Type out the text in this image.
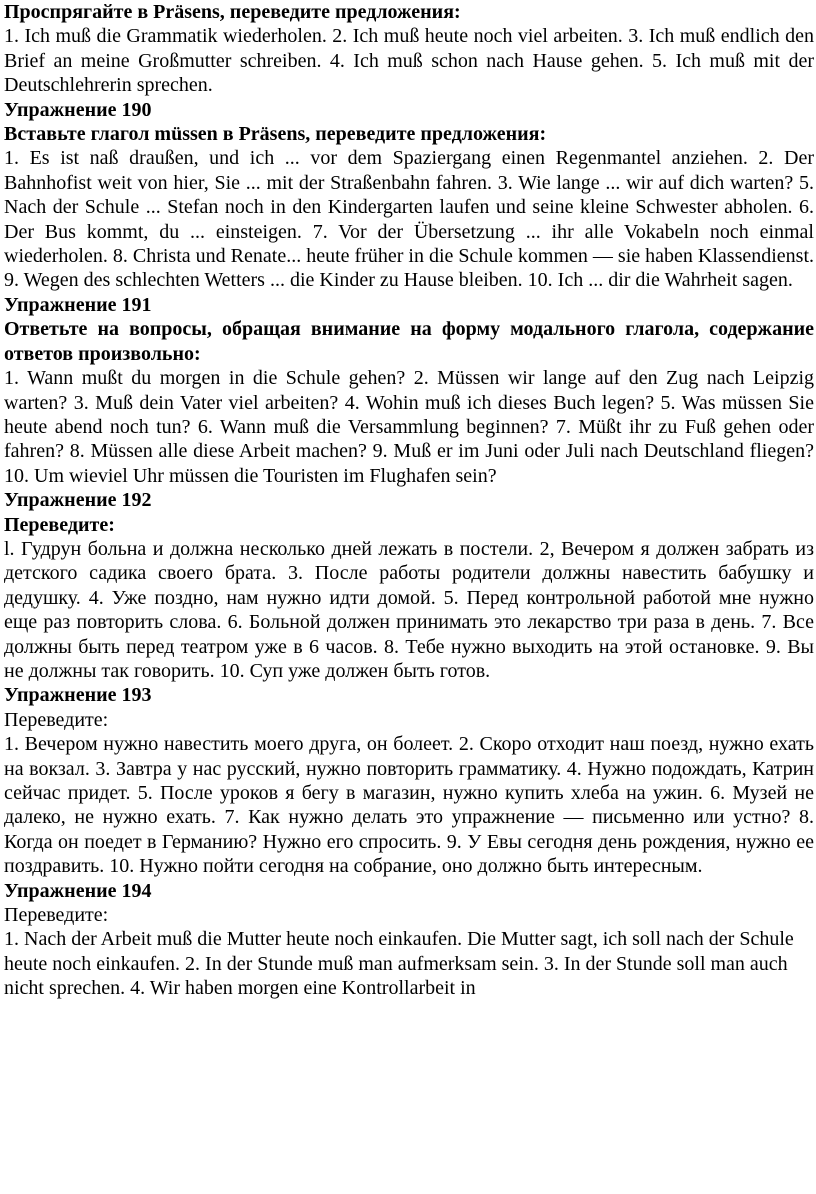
Проспрягайте в Präsens, переведите предложения:

1. Ich muß die Grammatik wiederholen. 2. Ich muß heute noch viel arbeiten. 3. Ich muß endlich den Brief an meine Großmutter schreiben. 4. Ich muß schon nach Hause gehen. 5. Ich muß mit der Deutschlehrerin sprechen.

Упражнение 190

Вставьте глагол müssen в Präsens, переведите предложения:

1. Es ist naß draußen, und ich ... vor dem Spaziergang einen Regenmantel anziehen. 2. Der Bahnhofist weit von hier, Sie ... mit der Straßenbahn fahren. 3. Wie lange ... wir auf dich warten? 5. Nach der Schule ... Stefan noch in den Kindergarten laufen und seine kleine Schwester abholen. 6. Der Bus kommt, du ... einsteigen. 7. Vor der Übersetzung ... ihr alle Vokabeln noch einmal wiederholen. 8. Christa und Renate... heute früher in die Schule kommen — sie haben Klassendienst. 9. Wegen des schlechten Wetters ... die Kinder zu Hause bleiben. 10. Ich ... dir die Wahrheit sagen.

Упражнение 191

Ответьте на вопросы, обращая внимание на форму модального глагола, содержание ответов произвольно:

1. Wann mußt du morgen in die Schule gehen? 2. Müssen wir lange auf den Zug nach Leipzig warten? 3. Muß dein Vater viel arbeiten? 4. Wohin muß ich dieses Buch legen? 5. Was müssen Sie heute abend noch tun? 6. Wann muß die Versammlung beginnen? 7. Müßt ihr zu Fuß gehen oder fahren? 8. Müssen alle diese Arbeit machen? 9. Muß er im Juni oder Juli nach Deutschland fliegen? 10. Um wieviel Uhr müssen die Touristen im Flughafen sein?

Упражнение 192

Переведите:

l. Гудрун больна и должна несколько дней лежать в постели. 2, Вечером я должен забрать из детского садика своего брата. 3. После работы родители должны навестить бабушку и дедушку. 4. Уже поздно, нам нужно идти домой. 5. Перед контрольной работой мне нужно еще раз повторить слова. 6. Больной должен принимать это лекарство три раза в день. 7. Все должны быть перед театром уже в 6 часов. 8. Тебе нужно выходить на этой остановке. 9. Вы не должны так говорить. 10. Суп уже должен быть готов.

Упражнение 193

Переведите:

1. Вечером нужно навестить моего друга, он болеет. 2. Скоро отходит наш поезд, нужно ехать на вокзал. 3. Завтра у нас русский, нужно повторить грамматику. 4. Нужно подождать, Катрин сейчас придет. 5. После уроков я бегу в магазин, нужно купить хлеба на ужин. 6. Музей не далеко, не нужно ехать. 7. Как нужно делать это упражнение — письменно или устно? 8. Когда он поедет в Германию? Нужно его спросить. 9. У Евы сегодня день рождения, нужно ее поздравить. 10. Нужно пойти сегодня на собрание, оно должно быть интересным.

Упражнение 194

Переведите:

1. Nach der Arbeit muß die Mutter heute noch einkaufen. Die Mutter sagt, ich soll nach der Schule heute noch einkaufen. 2. In der Stunde muß man aufmerksam sein. 3. In der Stunde soll man auch nicht sprechen. 4. Wir haben morgen eine Kontrollarbeit in
